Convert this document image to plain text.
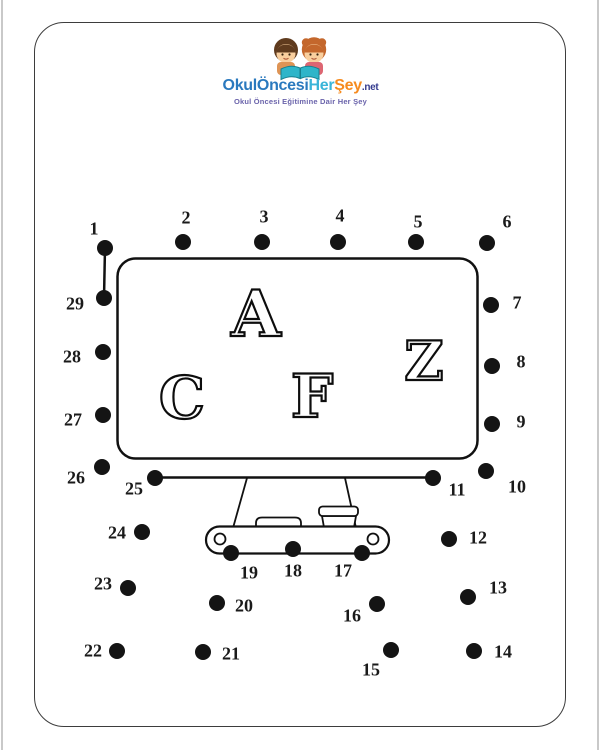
OkulÖncesiHerŞey.net
Okul Öncesi Eğitimine Dair Her Şey
A
C F
Z
1
2	3	4	5	6
7
8
9
10
11
12
13
14
15
16
17
18
19
20
21
22
23
24
25
26
27
28
29
